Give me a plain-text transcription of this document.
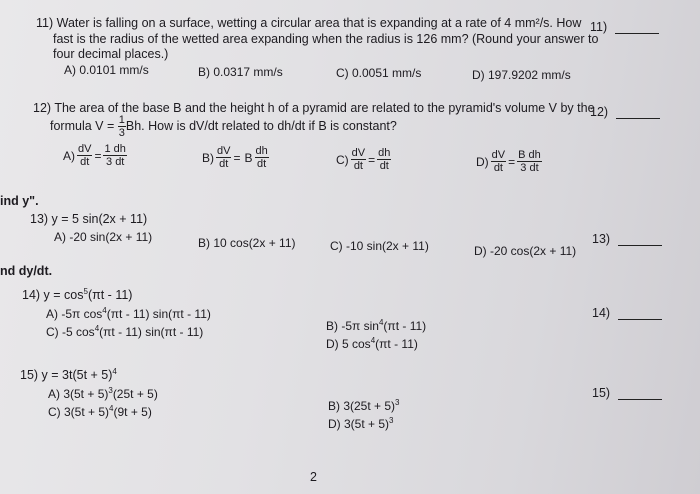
11) Water is falling on a surface, wetting a circular area that is expanding at a rate of 4 mm²/s. How
fast is the radius of the wetted area expanding when the radius is 126 mm? (Round your answer to
four decimal places.)
11)
A) 0.0101 mm/s	B) 0.0317 mm/s	C) 0.0051 mm/s	D) 197.9202 mm/s
12) The area of the base B and the height h of a pyramid are related to the pyramid's volume V by the
12)
formula $V = \frac{1}{3} Bh$. How is dV/dt related to dh/dt if B is constant?
$A) \frac{dV}{dt} = \frac{1 dh}{3 dt}$	$B) \frac{dV}{dt} = B \frac{dh}{dt}$	$C) \frac{dV}{dt} = \frac{dh}{dt}$	$D) \frac{dV}{dt} = \frac{\text{B dh}}{3 dt}$
ind y".
13) y = 5 sin(2x + 11)
13)
A) -20 sin(2x + 11)	B) 10 cos(2x + 11)	C) -10 sin(2x + 11)	D) -20 cos(2x + 11)
nd dy/dt.
14) $y = \cos^5(\pi t - 11)$
14)
A) -5π $\cos^4(\pi t - 11)$ sin(πt - 11)
C) -5 $\cos^4(\pi t - 11)$ sin(πt - 11)	B) -5π $\sin^4(\pi t - 11)$
D) 5 $\cos^4(\pi t - 11)$
15) $y = 3t(5t + 5)^4$
15)
A) $3(5t + 5)^3(25t + 5)$
C) $3(5t + 5)^4(9t + 5)$	B) $3(25t + 5)^3$
D) $3(5t + 5)^3$
2
